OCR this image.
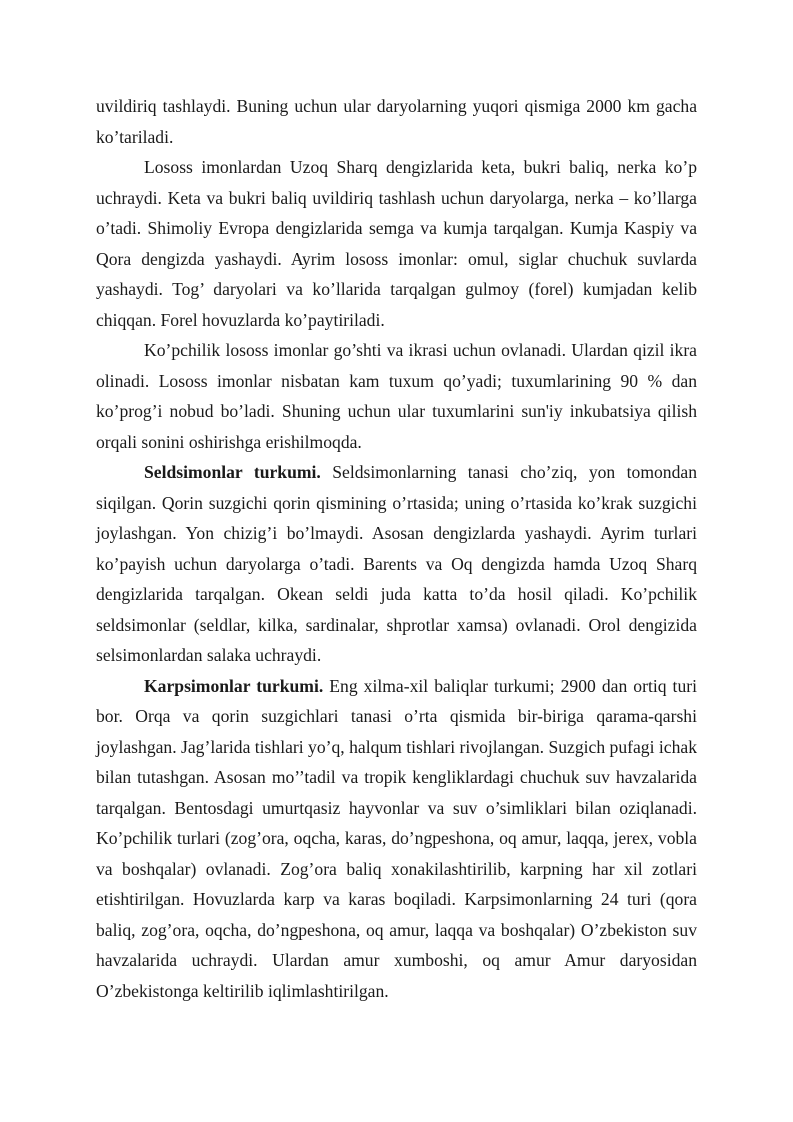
uvildiriq tashlaydi. Buning uchun ular daryolarning yuqori qismiga 2000 km gacha ko’tariladi.

Lososs imonlardan Uzoq Sharq dengizlarida keta, bukri baliq, nerka ko’p uchraydi. Keta va bukri baliq uvildiriq tashlash uchun daryolarga, nerka – ko’llarga o’tadi. Shimoliy Evropa dengizlarida semga va kumja tarqalgan. Kumja Kaspiy va Qora dengizda yashaydi. Ayrim lososs imonlar: omul, siglar chuchuk suvlarda yashaydi. Tog’ daryolari va ko’llarida tarqalgan gulmoy (forel) kumjadan kelib chiqqan. Forel hovuzlarda ko’paytiriladi.

Ko’pchilik lososs imonlar go’shti va ikrasi uchun ovlanadi. Ulardan qizil ikra olinadi. Lososs imonlar nisbatan kam tuxum qo’yadi; tuxumlarining 90 % dan ko’prog’i nobud bo’ladi. Shuning uchun ular tuxumlarini sun'iy inkubatsiya qilish orqali sonini oshirishga erishilmoqda.

Seldsimonlar turkumi. Seldsimonlarning tanasi cho’ziq, yon tomondan siqilgan. Qorin suzgichi qorin qismining o’rtasida; uning o’rtasida ko’krak suzgichi joylashgan. Yon chizig’i bo’lmaydi. Asosan dengizlarda yashaydi. Ayrim turlari ko’payish uchun daryolarga o’tadi. Barents va Oq dengizda hamda Uzoq Sharq dengizlarida tarqalgan. Okean seldi juda katta to’da hosil qiladi. Ko’pchilik seldsimonlar (seldlar, kilka, sardinalar, shprotlar xamsa) ovlanadi. Orol dengizida selsimonlardan salaka uchraydi.

Karpsimonlar turkumi. Eng xilma-xil baliqlar turkumi; 2900 dan ortiq turi bor. Orqa va qorin suzgichlari tanasi o’rta qismida bir-biriga qarama-qarshi joylashgan. Jag’larida tishlari yo’q, halqum tishlari rivojlangan. Suzgich pufagi ichak bilan tutashgan. Asosan mo’’tadil va tropik kengliklardagi chuchuk suv havzalarida tarqalgan. Bentosdagi umurtqasiz hayvonlar va suv o’simliklari bilan oziqlanadi. Ko’pchilik turlari (zog’ora, oqcha, karas, do’ngpeshona, oq amur, laqqa, jerex, vobla va boshqalar) ovlanadi. Zog’ora baliq xonakilashtirilib, karpning har xil zotlari etishtirilgan. Hovuzlarda karp va karas boqiladi. Karpsimonlarning 24 turi (qora baliq, zog’ora, oqcha, do’ngpeshona, oq amur, laqqa va boshqalar) O’zbekiston suv havzalarida uchraydi. Ulardan amur xumboshi, oq amur Amur daryosidan O’zbekistonga keltirilib iqlimlashtirilgan.
